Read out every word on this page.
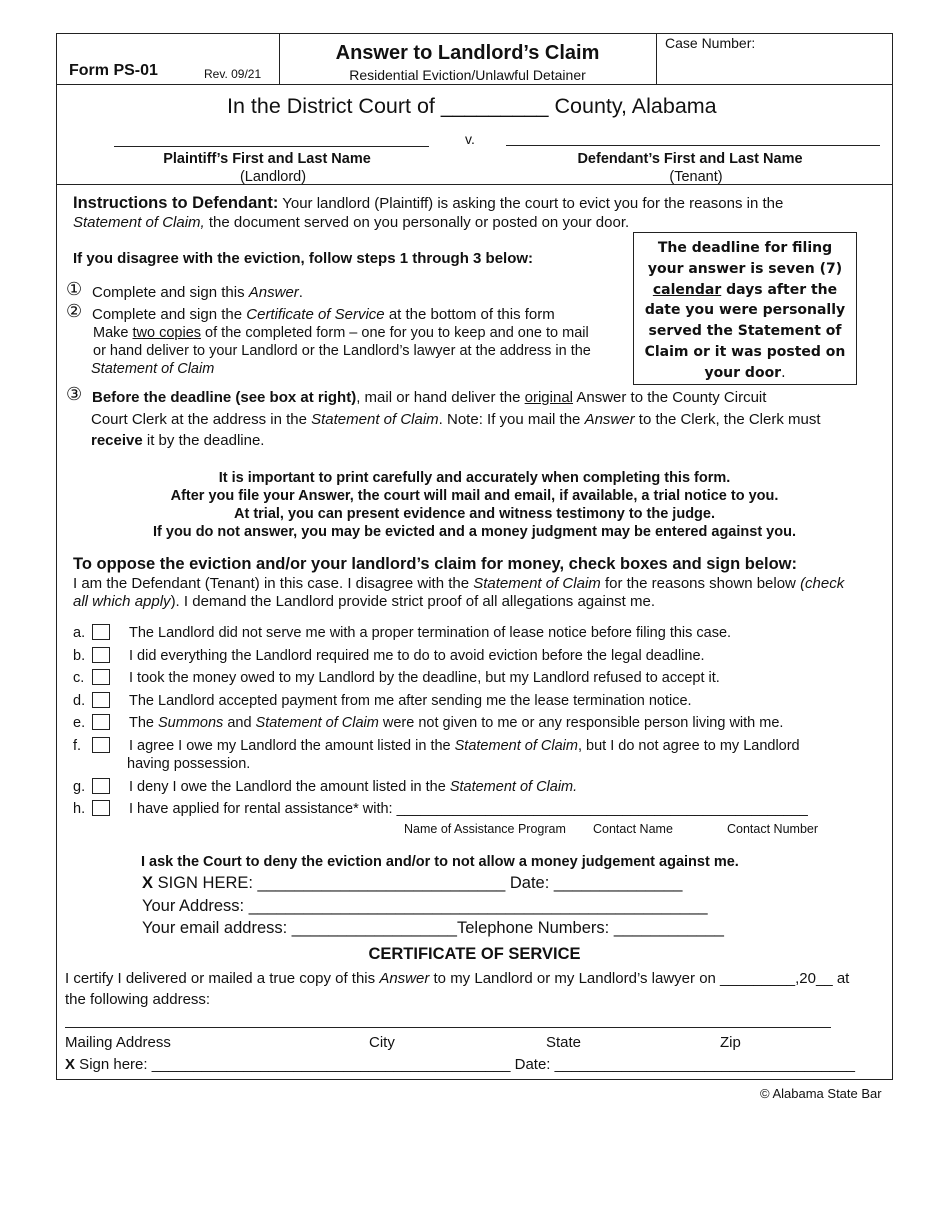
Form PS-01	Rev. 09/21
Answer to Landlord’s Claim
Residential Eviction/Unlawful Detainer
Case Number:
In the District Court of _________ County, Alabama
v.
Plaintiff’s First and Last Name
(Landlord)
Defendant’s First and Last Name
(Tenant)
Instructions to Defendant: Your landlord (Plaintiff) is asking the court to evict you for the reasons in the
Statement of Claim, the document served on you personally or posted on your door.
If you disagree with the eviction, follow steps 1 through 3 below:
① Complete and sign this Answer.
② Complete and sign the Certificate of Service at the bottom of this form
Make two copies of the completed form – one for you to keep and one to mail
or hand deliver to your Landlord or the Landlord’s lawyer at the address in the
Statement of Claim
The deadline for filing
your answer is seven (7)
calendar days after the
date you were personally
served the Statement of
Claim or it was posted on
your door.
③ Before the deadline (see box at right), mail or hand deliver the original Answer to the County Circuit
Court Clerk at the address in the Statement of Claim. Note: If you mail the Answer to the Clerk, the Clerk must
receive it by the deadline.
It is important to print carefully and accurately when completing this form.
After you file your Answer, the court will mail and email, if available, a trial notice to you.
At trial, you can present evidence and witness testimony to the judge.
If you do not answer, you may be evicted and a money judgment may be entered against you.
To oppose the eviction and/or your landlord’s claim for money, check boxes and sign below:
I am the Defendant (Tenant) in this case. I disagree with the Statement of Claim for the reasons shown below (check
all which apply). I demand the Landlord provide strict proof of all allegations against me.
a.	The Landlord did not serve me with a proper termination of lease notice before filing this case.
b.	I did everything the Landlord required me to do to avoid eviction before the legal deadline.
c.	I took the money owed to my Landlord by the deadline, but my Landlord refused to accept it.
d.	The Landlord accepted payment from me after sending me the lease termination notice.
e.	The Summons and Statement of Claim were not given to me or any responsible person living with me.
f.	I agree I owe my Landlord the amount listed in the Statement of Claim, but I do not agree to my Landlord
having possession.
g.	I deny I owe the Landlord the amount listed in the Statement of Claim.
h.	I have applied for rental assistance* with: ___________________________________________________
Name of Assistance Program Contact Name	Contact Number
I ask the Court to deny the eviction and/or to not allow a money judgement against me.
X SIGN HERE: ___________________________ Date: ______________
Your Address: __________________________________________________
Your email address: __________________Telephone Numbers: ____________
CERTIFICATE OF SERVICE
I certify I delivered or mailed a true copy of this Answer to my Landlord or my Landlord’s lawyer on _________,20__ at
the following address:
Mailing Address	City	State	Zip
X Sign here: ___________________________________________ Date: ____________________________________
© Alabama State Bar
